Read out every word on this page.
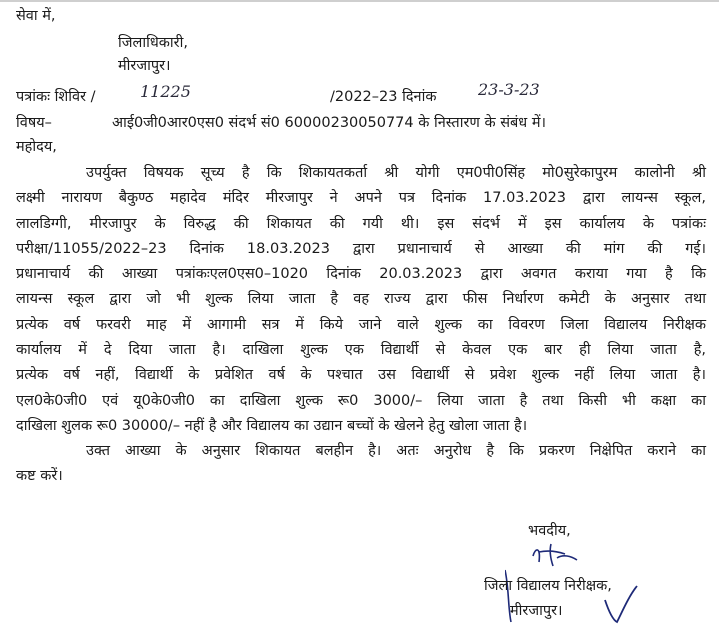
सेवा में,
जिलाधिकारी,
मीरजापुर।
पत्रांकः शिविर /	11225	/2022–23 दिनांक	23-3-23
विषय–	आई0जी0आर0एस0 संदर्भ सं0 60000230050774 के निस्तारण के संबंध में।
महोदय,
उपर्युक्त विषयक सूच्य है कि शिकायतकर्ता श्री योगी एम0पी0सिंह मो0सुरेकापुरम कालोनी श्री
लक्ष्मी नारायण बैकुण्ठ महादेव मंदिर मीरजापुर ने अपने पत्र दिनांक 17.03.2023 द्वारा लायन्स स्कूल,
लालडिग्गी, मीरजापुर के विरुद्ध की शिकायत की गयी थी। इस संदर्भ में इस कार्यालय के पत्रांकः
परीक्षा/11055/2022–23 दिनांक 18.03.2023 द्वारा प्रधानाचार्य से आख्या की मांग की गई।
प्रधानाचार्य की आख्या पत्रांकःएल0एस0–1020 दिनांक 20.03.2023 द्वारा अवगत कराया गया है कि
लायन्स स्कूल द्वारा जो भी शुल्क लिया जाता है वह राज्य द्वारा फीस निर्धारण कमेटी के अनुसार तथा
प्रत्येक वर्ष फरवरी माह में आगामी सत्र में किये जाने वाले शुल्क का विवरण जिला विद्यालय निरीक्षक
कार्यालय में दे दिया जाता है। दाखिला शुल्क एक विद्यार्थी से केवल एक बार ही लिया जाता है,
प्रत्येक वर्ष नहीं, विद्यार्थी के प्रवेशित वर्ष के पश्चात उस विद्यार्थी से प्रवेश शुल्क नहीं लिया जाता है।
एल0के0जी0 एवं यू0के0जी0 का दाखिला शुल्क रू0 3000/– लिया जाता है तथा किसी भी कक्षा का
दाखिला शुलक रू0 30000/– नहीं है और विद्यालय का उद्यान बच्चों के खेलने हेतु खोला जाता है।
उक्त आख्या के अनुसार शिकायत बलहीन है। अतः अनुरोध है कि प्रकरण निक्षेपित कराने का
कष्ट करें।
भवदीय,
जिला विद्यालय निरीक्षक,
मीरजापुर।
